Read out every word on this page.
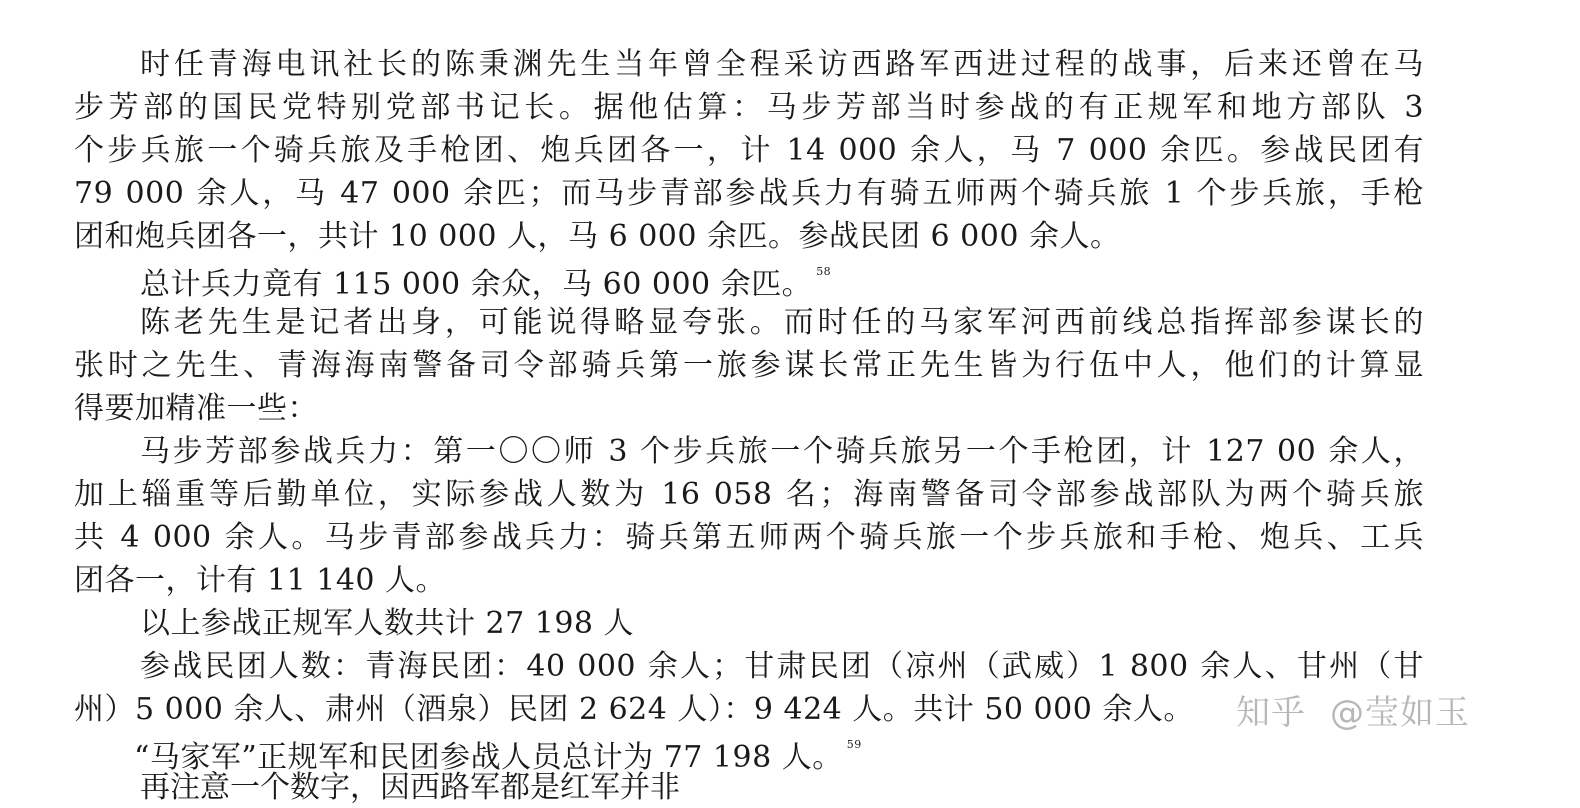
时任青海电讯社长的陈秉渊先生当年曾全程采访西路军西进过程的战事，后来还曾在马
步芳部的国民党特别党部书记长。据他估算：马步芳部当时参战的有正规军和地方部队 3
个步兵旅一个骑兵旅及手枪团、炮兵团各一，计 14 000 余人，马 7 000 余匹。参战民团有
79 000 余人，马 47 000 余匹；而马步青部参战兵力有骑五师两个骑兵旅 1 个步兵旅，手枪
团和炮兵团各一，共计 10 000 人，马 6 000 余匹。参战民团 6 000 余人。
总计兵力竟有 115 000 余众，马 60 000 余匹。 $^{58}$
陈老先生是记者出身，可能说得略显夸张。而时任的马家军河西前线总指挥部参谋长的
张时之先生、青海海南警备司令部骑兵第一旅参谋长常正先生皆为行伍中人，他们的计算显
得要加精准一些：
马步芳部参战兵力：第一〇〇师 3 个步兵旅一个骑兵旅另一个手枪团，计 127 00 余人，
加上辎重等后勤单位，实际参战人数为 16 058 名；海南警备司令部参战部队为两个骑兵旅
共 4 000 余人。马步青部参战兵力：骑兵第五师两个骑兵旅一个步兵旅和手枪、炮兵、工兵
团各一，计有 11 140 人。
以上参战正规军人数共计 27 198 人
参战民团人数：青海民团：40 000 余人；甘肃民团（凉州（武威）1 800 余人、甘州（甘
州）5 000 余人、肃州（酒泉）民团 2 624 人）：9 424 人。共计 50 000 余人。
“马家军”正规军和民团参战人员总计为 77 198 人。 $^{59}$
再注意一个数字，因西路军都是红军并非
知乎 @莹如玉
